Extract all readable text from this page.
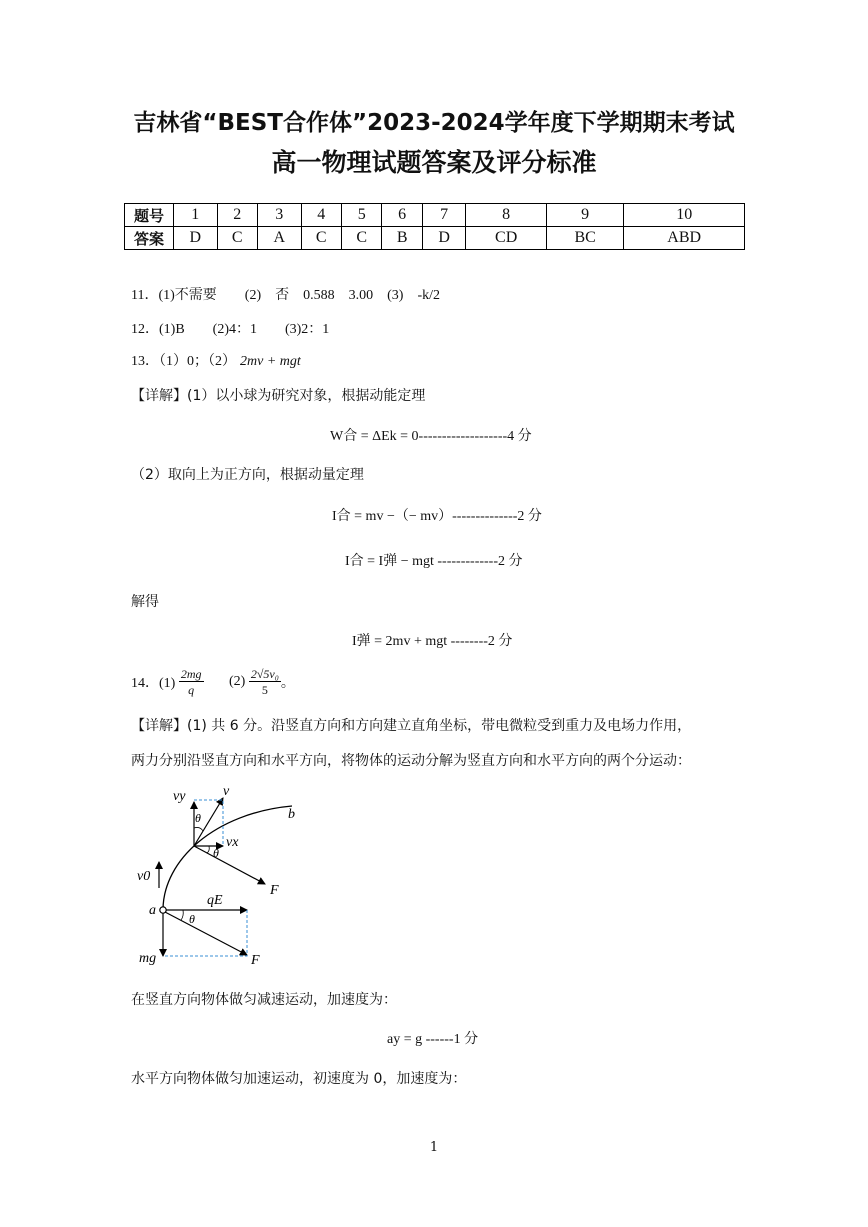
吉林省“BEST合作体”2023-2024学年度下学期期末考试
高一物理试题答案及评分标准
题号	1	2	3	4	5	6	7	8	9	10
答案	D	C	A	C	C	B	D	CD	BC	ABD
11．(1)不需要　　(2)　否　0.588　3.00　(3)　-k/2
12．(1)B　　(2)4：1　　(3)2：1
13．（1）0；（2） 2mv + mgt
【详解】(1）以小球为研究对象，根据动能定理
W合 = ΔEk = 0-------------------4 分
（2）取向上为正方向，根据动量定理
I合 = mv −（− mv）--------------2 分
I合 = I弹 − mgt -------------2 分
解得
I弹 = 2mv + mgt --------2 分
14．$(1) \frac{2mg}{q} (2) \frac{\text{2√5v₀}}{5}$ 。
【详解】(1) 共 6 分。沿竖直方向和方向建立直角坐标，带电微粒受到重力及电场力作用，
两力分别沿竖直方向和水平方向，将物体的运动分解为竖直方向和水平方向的两个分运动：
vy	v
b
θ
vx
θ
F
v0
qE
a
θ
mg	F
在竖直方向物体做匀减速运动，加速度为：
ay = g ------1 分
水平方向物体做匀加速运动，初速度为 0，加速度为：
1
